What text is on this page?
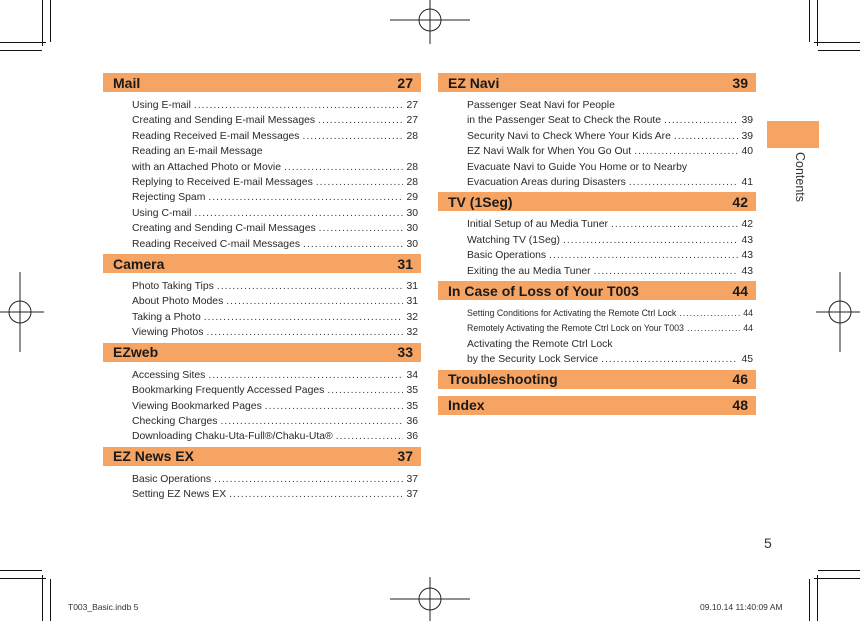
Mail	27
Using E-mail .....	27
Creating and Sending E-mail Messages .....	27
Reading Received E-mail Messages .....	28
Reading an E-mail Message
with an Attached Photo or Movie .....	28
Replying to Received E-mail Messages .....	28
Rejecting Spam .....	29
Using C-mail .....	30
Creating and Sending C-mail Messages .....	30
Reading Received C-mail Messages .....	30
Camera	31
Photo Taking Tips .....	31
About Photo Modes .....	31
Taking a Photo .....	32
Viewing Photos .....	32
EZweb	33
Accessing Sites .....	34
Bookmarking Frequently Accessed Pages .....	35
Viewing Bookmarked Pages .....	35
Checking Charges .....	36
Downloading Chaku-Uta-Full®/Chaku-Uta® .....	36
EZ News EX	37
Basic Operations .....	37
Setting EZ News EX .....	37
EZ Navi	39
Passenger Seat Navi for People
in the Passenger Seat to Check the Route .....	39
Security Navi to Check Where Your Kids Are .....	39
EZ Navi Walk for When You Go Out .....	40
Evacuate Navi to Guide You Home or to Nearby
Evacuation Areas during Disasters .....	41
TV (1Seg)	42
Initial Setup of au Media Tuner .....	42
Watching TV (1Seg) .....	43
Basic Operations .....	43
Exiting the au Media Tuner .....	43
In Case of Loss of Your T003	44
Setting Conditions for Activating the Remote Ctrl Lock .....	44
Remotely Activating the Remote Ctrl Lock on Your T003 .....	44
Activating the Remote Ctrl Lock
by the Security Lock Service .....	45
Troubleshooting	46
Index	48
Contents
5
T003_Basic.indb 5	09.10.14 11:40:09 AM
